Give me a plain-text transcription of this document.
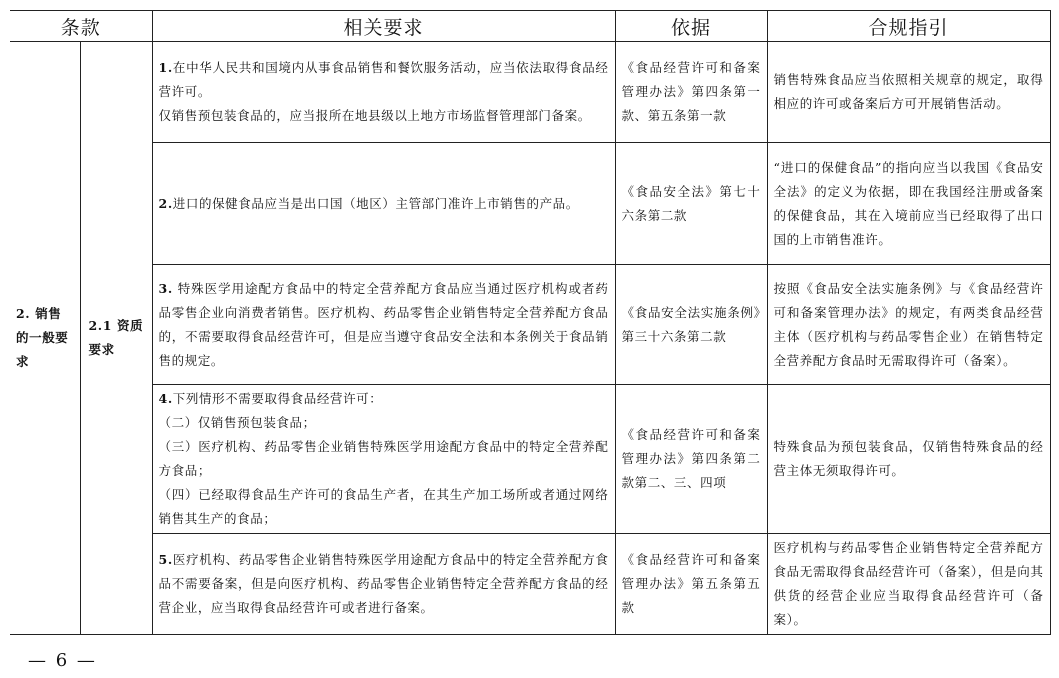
条款		相关要求	依据	合规指引
2. 销售的一般要求	2.1 资质要求	1.在中华人民共和国境内从事食品销售和餐饮服务活动，应当依法取得食品经营许可。
仅销售预包装食品的，应当报所在地县级以上地方市场监督管理部门备案。	《食品经营许可和备案管理办法》第四条第一款、第五条第一款	销售特殊食品应当依照相关规章的规定，取得相应的许可或备案后方可开展销售活动。
		2.进口的保健食品应当是出口国（地区）主管部门准许上市销售的产品。	《食品安全法》第七十六条第二款	“进口的保健食品”的指向应当以我国《食品安全法》的定义为依据，即在我国经注册或备案的保健食品，其在入境前应当已经取得了出口国的上市销售准许。
		3. 特殊医学用途配方食品中的特定全营养配方食品应当通过医疗机构或者药品零售企业向消费者销售。医疗机构、药品零售企业销售特定全营养配方食品的，不需要取得食品经营许可，但是应当遵守食品安全法和本条例关于食品销售的规定。	《食品安全法实施条例》第三十六条第二款	按照《食品安全法实施条例》与《食品经营许可和备案管理办法》的规定，有两类食品经营主体（医疗机构与药品零售企业）在销售特定全营养配方食品时无需取得许可（备案）。
		4.下列情形不需要取得食品经营许可：
（二）仅销售预包装食品；
（三）医疗机构、药品零售企业销售特殊医学用途配方食品中的特定全营养配方食品；
（四）已经取得食品生产许可的食品生产者，在其生产加工场所或者通过网络销售其生产的食品；	《食品经营许可和备案管理办法》第四条第二款第二、三、四项	特殊食品为预包装食品，仅销售特殊食品的经营主体无须取得许可。
		5.医疗机构、药品零售企业销售特殊医学用途配方食品中的特定全营养配方食品不需要备案，但是向医疗机构、药品零售企业销售特定全营养配方食品的经营企业，应当取得食品经营许可或者进行备案。	《食品经营许可和备案管理办法》第五条第五款	医疗机构与药品零售企业销售特定全营养配方食品无需取得食品经营许可（备案），但是向其供货的经营企业应当取得食品经营许可（备案）。
— 6 —
